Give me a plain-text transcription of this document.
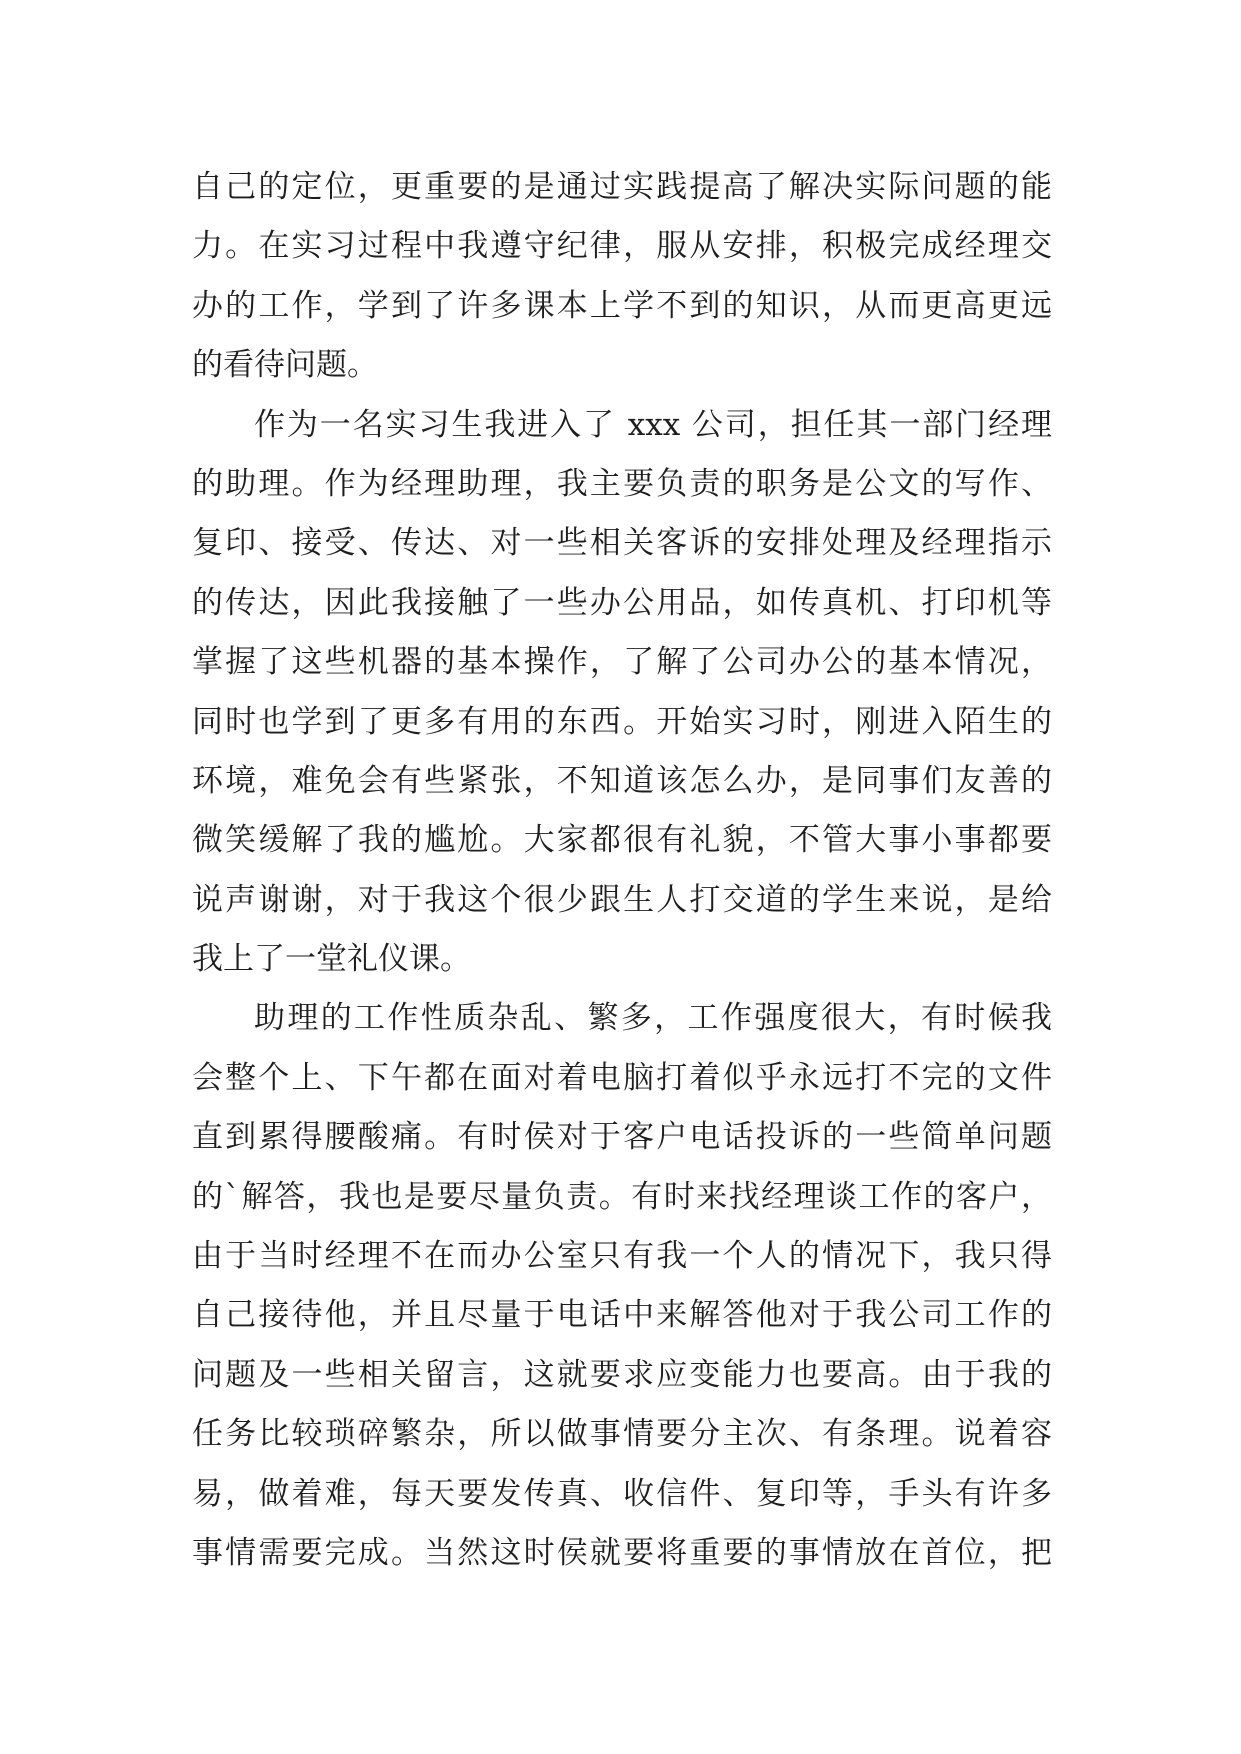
自己的定位，更重要的是通过实践提高了解决实际问题的能
力。在实习过程中我遵守纪律，服从安排，积极完成经理交
办的工作，学到了许多课本上学不到的知识，从而更高更远
的看待问题。
作为一名实习生我进入了 xxx 公司，担任其一部门经理
的助理。作为经理助理，我主要负责的职务是公文的写作、
复印、接受、传达、对一些相关客诉的安排处理及经理指示
的传达，因此我接触了一些办公用品，如传真机、打印机等
掌握了这些机器的基本操作，了解了公司办公的基本情况，
同时也学到了更多有用的东西。开始实习时，刚进入陌生的
环境，难免会有些紧张，不知道该怎么办，是同事们友善的
微笑缓解了我的尴尬。大家都很有礼貌，不管大事小事都要
说声谢谢，对于我这个很少跟生人打交道的学生来说，是给
我上了一堂礼仪课。
助理的工作性质杂乱、繁多，工作强度很大，有时候我
会整个上、下午都在面对着电脑打着似乎永远打不完的文件
直到累得腰酸痛。有时侯对于客户电话投诉的一些简单问题
的`解答，我也是要尽量负责。有时来找经理谈工作的客户，
由于当时经理不在而办公室只有我一个人的情况下，我只得
自己接待他，并且尽量于电话中来解答他对于我公司工作的
问题及一些相关留言，这就要求应变能力也要高。由于我的
任务比较琐碎繁杂，所以做事情要分主次、有条理。说着容
易，做着难，每天要发传真、收信件、复印等，手头有许多
事情需要完成。当然这时侯就要将重要的事情放在首位，把
